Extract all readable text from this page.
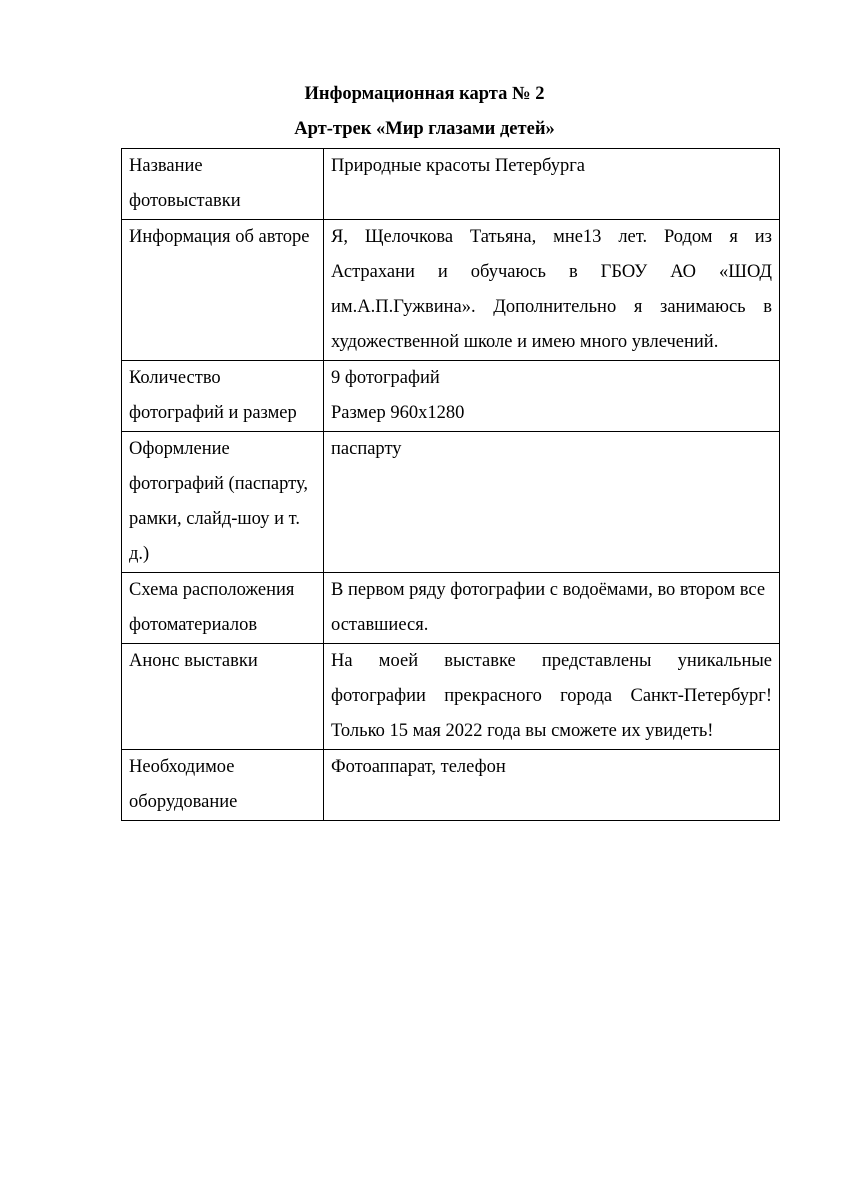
Информационная карта № 2
Арт-трек «Мир глазами детей»
Название фотовыставки	Природные красоты Петербурга

Информация об авторе	Я, Щелочкова Татьяна, мне13 лет. Родом я из Астрахани и обучаюсь в ГБОУ АО «ШОД им.А.П.Гужвина». Дополнительно я занимаюсь в художественной школе и имею много увлечений.

Количество фотографий и размер	9 фотографий

Размер 960x1280

Оформление фотографий (паспарту, рамки, слайд-шоу и т. д.)	паспарту

Схема расположения фотоматериалов	В первом ряду фотографии с водоёмами, во втором все оставшиеся.

Анонс выставки	На моей выставке представлены уникальные фотографии прекрасного города Санкт-Петербург! Только 15 мая 2022 года вы сможете их увидеть!

Необходимое оборудование	Фотоаппарат, телефон
